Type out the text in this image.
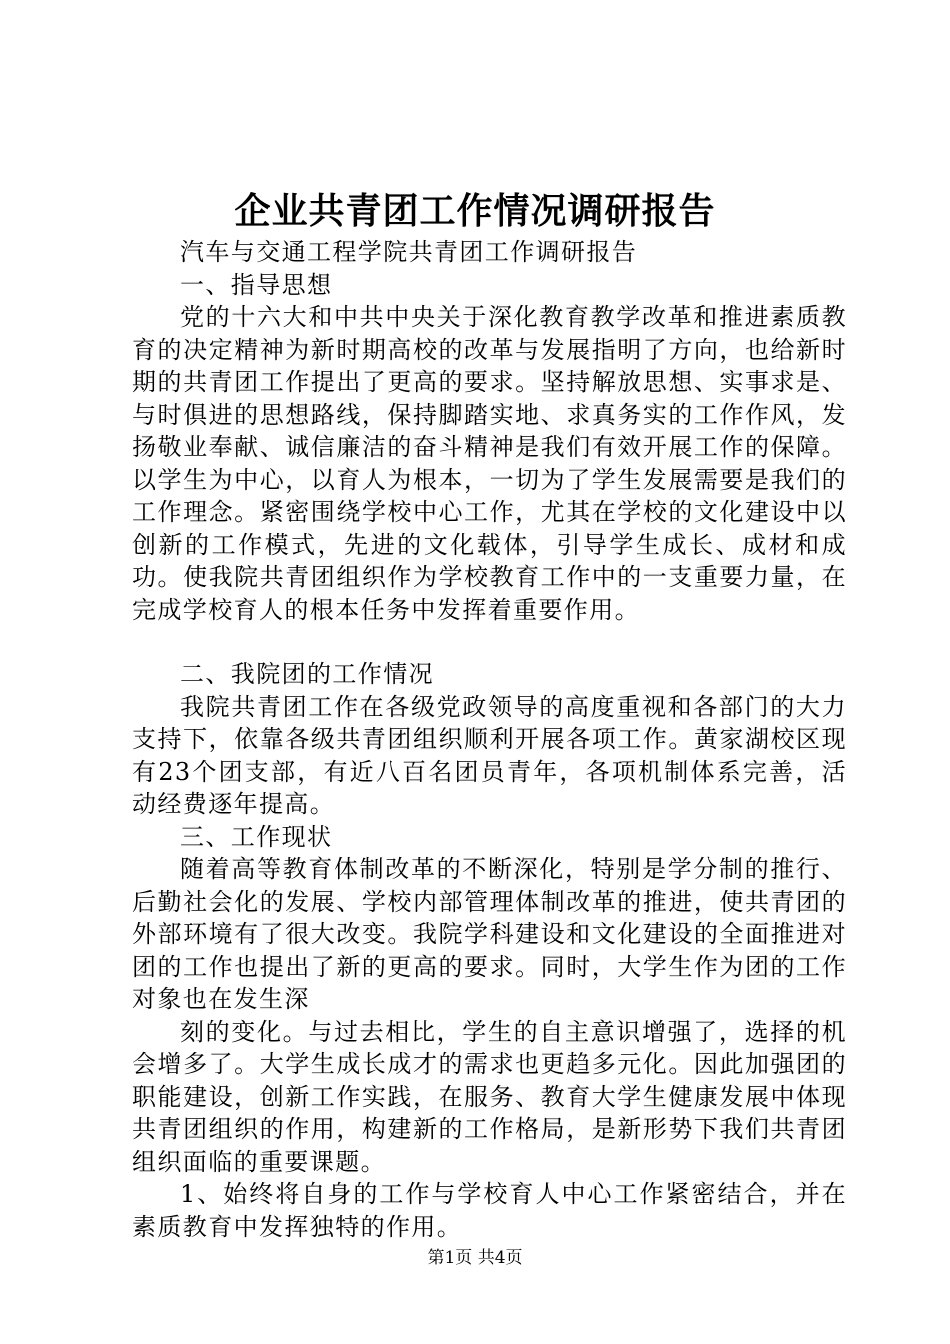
企业共青团工作情况调研报告

汽车与交通工程学院共青团工作调研报告

一、指导思想

党的十六大和中共中央关于深化教育教学改革和推进素质教育的决定精神为新时期高校的改革与发展指明了方向，也给新时期的共青团工作提出了更高的要求。坚持解放思想、实事求是、与时俱进的思想路线，保持脚踏实地、求真务实的工作作风，发扬敬业奉献、诚信廉洁的奋斗精神是我们有效开展工作的保障。以学生为中心，以育人为根本，一切为了学生发展需要是我们的工作理念。紧密围绕学校中心工作，尤其在学校的文化建设中以创新的工作模式，先进的文化载体，引导学生成长、成材和成功。使我院共青团组织作为学校教育工作中的一支重要力量，在完成学校育人的根本任务中发挥着重要作用。

二、我院团的工作情况

我院共青团工作在各级党政领导的高度重视和各部门的大力支持下，依靠各级共青团组织顺利开展各项工作。黄家湖校区现有23个团支部，有近八百名团员青年，各项机制体系完善，活动经费逐年提高。

三、工作现状

随着高等教育体制改革的不断深化，特别是学分制的推行、后勤社会化的发展、学校内部管理体制改革的推进，使共青团的外部环境有了很大改变。我院学科建设和文化建设的全面推进对团的工作也提出了新的更高的要求。同时，大学生作为团的工作对象也在发生深

刻的变化。与过去相比，学生的自主意识增强了，选择的机会增多了。大学生成长成才的需求也更趋多元化。因此加强团的职能建设，创新工作实践，在服务、教育大学生健康发展中体现共青团组织的作用，构建新的工作格局，是新形势下我们共青团组织面临的重要课题。

1、始终将自身的工作与学校育人中心工作紧密结合，并在素质教育中发挥独特的作用。

第1页 共4页
